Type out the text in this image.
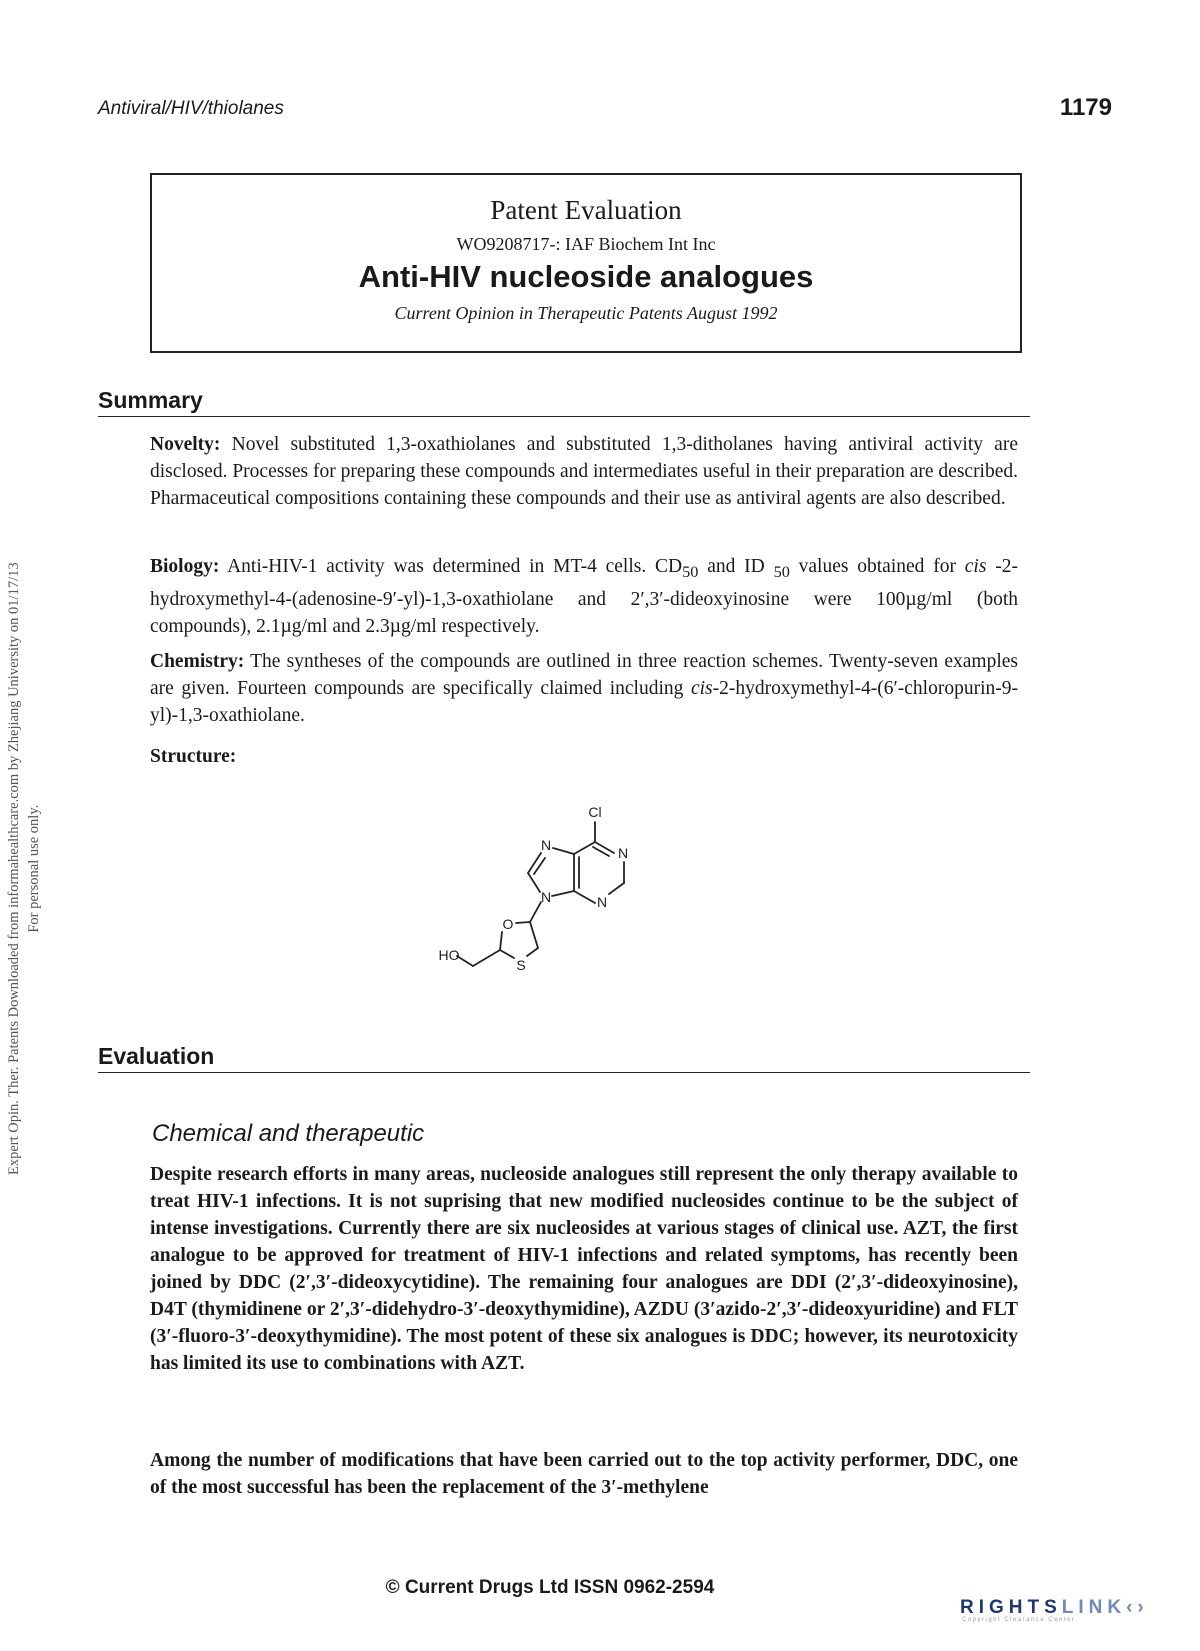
Antiviral/HIV/thiolanes	1179
Expert Opin. Ther. Patents Downloaded from informahealthcare.com by Zhejiang University on 01/17/13 For personal use only.
Patent Evaluation
WO9208717-: IAF Biochem Int Inc
Anti-HIV nucleoside analogues
Current Opinion in Therapeutic Patents August 1992
Summary
Novelty: Novel substituted 1,3-oxathiolanes and substituted 1,3-ditholanes having antiviral activity are disclosed. Processes for preparing these compounds and intermediates useful in their preparation are described. Pharmaceutical compositions containing these compounds and their use as antiviral agents are also described.
Biology: Anti-HIV-1 activity was determined in MT-4 cells. $CD_{50}$ and ID $_{50}$ values obtained for cis -2-hydroxymethyl-4-(adenosine-9′-yl)-1,3-oxathiolane and 2′,3′-dideoxyinosine were 100µg/ml (both compounds), 2.1µg/ml and 2.3µg/ml respectively.
Chemistry: The syntheses of the compounds are outlined in three reaction schemes. Twenty-seven examples are given. Fourteen compounds are specifically claimed including cis-2-hydroxymethyl-4-(6′-chloropurin-9-yl)-1,3-oxathiolane.
Structure:
Cl
N	N
N	N
O
S
HO
Evaluation
Chemical and therapeutic
Despite research efforts in many areas, nucleoside analogues still represent the only therapy available to treat HIV-1 infections. It is not suprising that new modified nucleosides continue to be the subject of intense investigations. Currently there are six nucleosides at various stages of clinical use. AZT, the first analogue to be approved for treatment of HIV-1 infections and related symptoms, has recently been joined by DDC (2′,3′-dideoxycytidine). The remaining four analogues are DDI (2′,3′-dideoxyinosine), D4T (thymidinene or 2′,3′-didehydro-3′-deoxythymidine), AZDU (3′azido-2′,3′-dideoxyuridine) and FLT (3′-fluoro-3′-deoxythymidine). The most potent of these six analogues is DDC; however, its neurotoxicity has limited its use to combinations with AZT.
Among the number of modifications that have been carried out to the top activity performer, DDC, one of the most successful has been the replacement of the 3′-methylene
© Current Drugs Ltd ISSN 0962-2594
RIGHTSLINK‹›
Copyright Clearance Center
